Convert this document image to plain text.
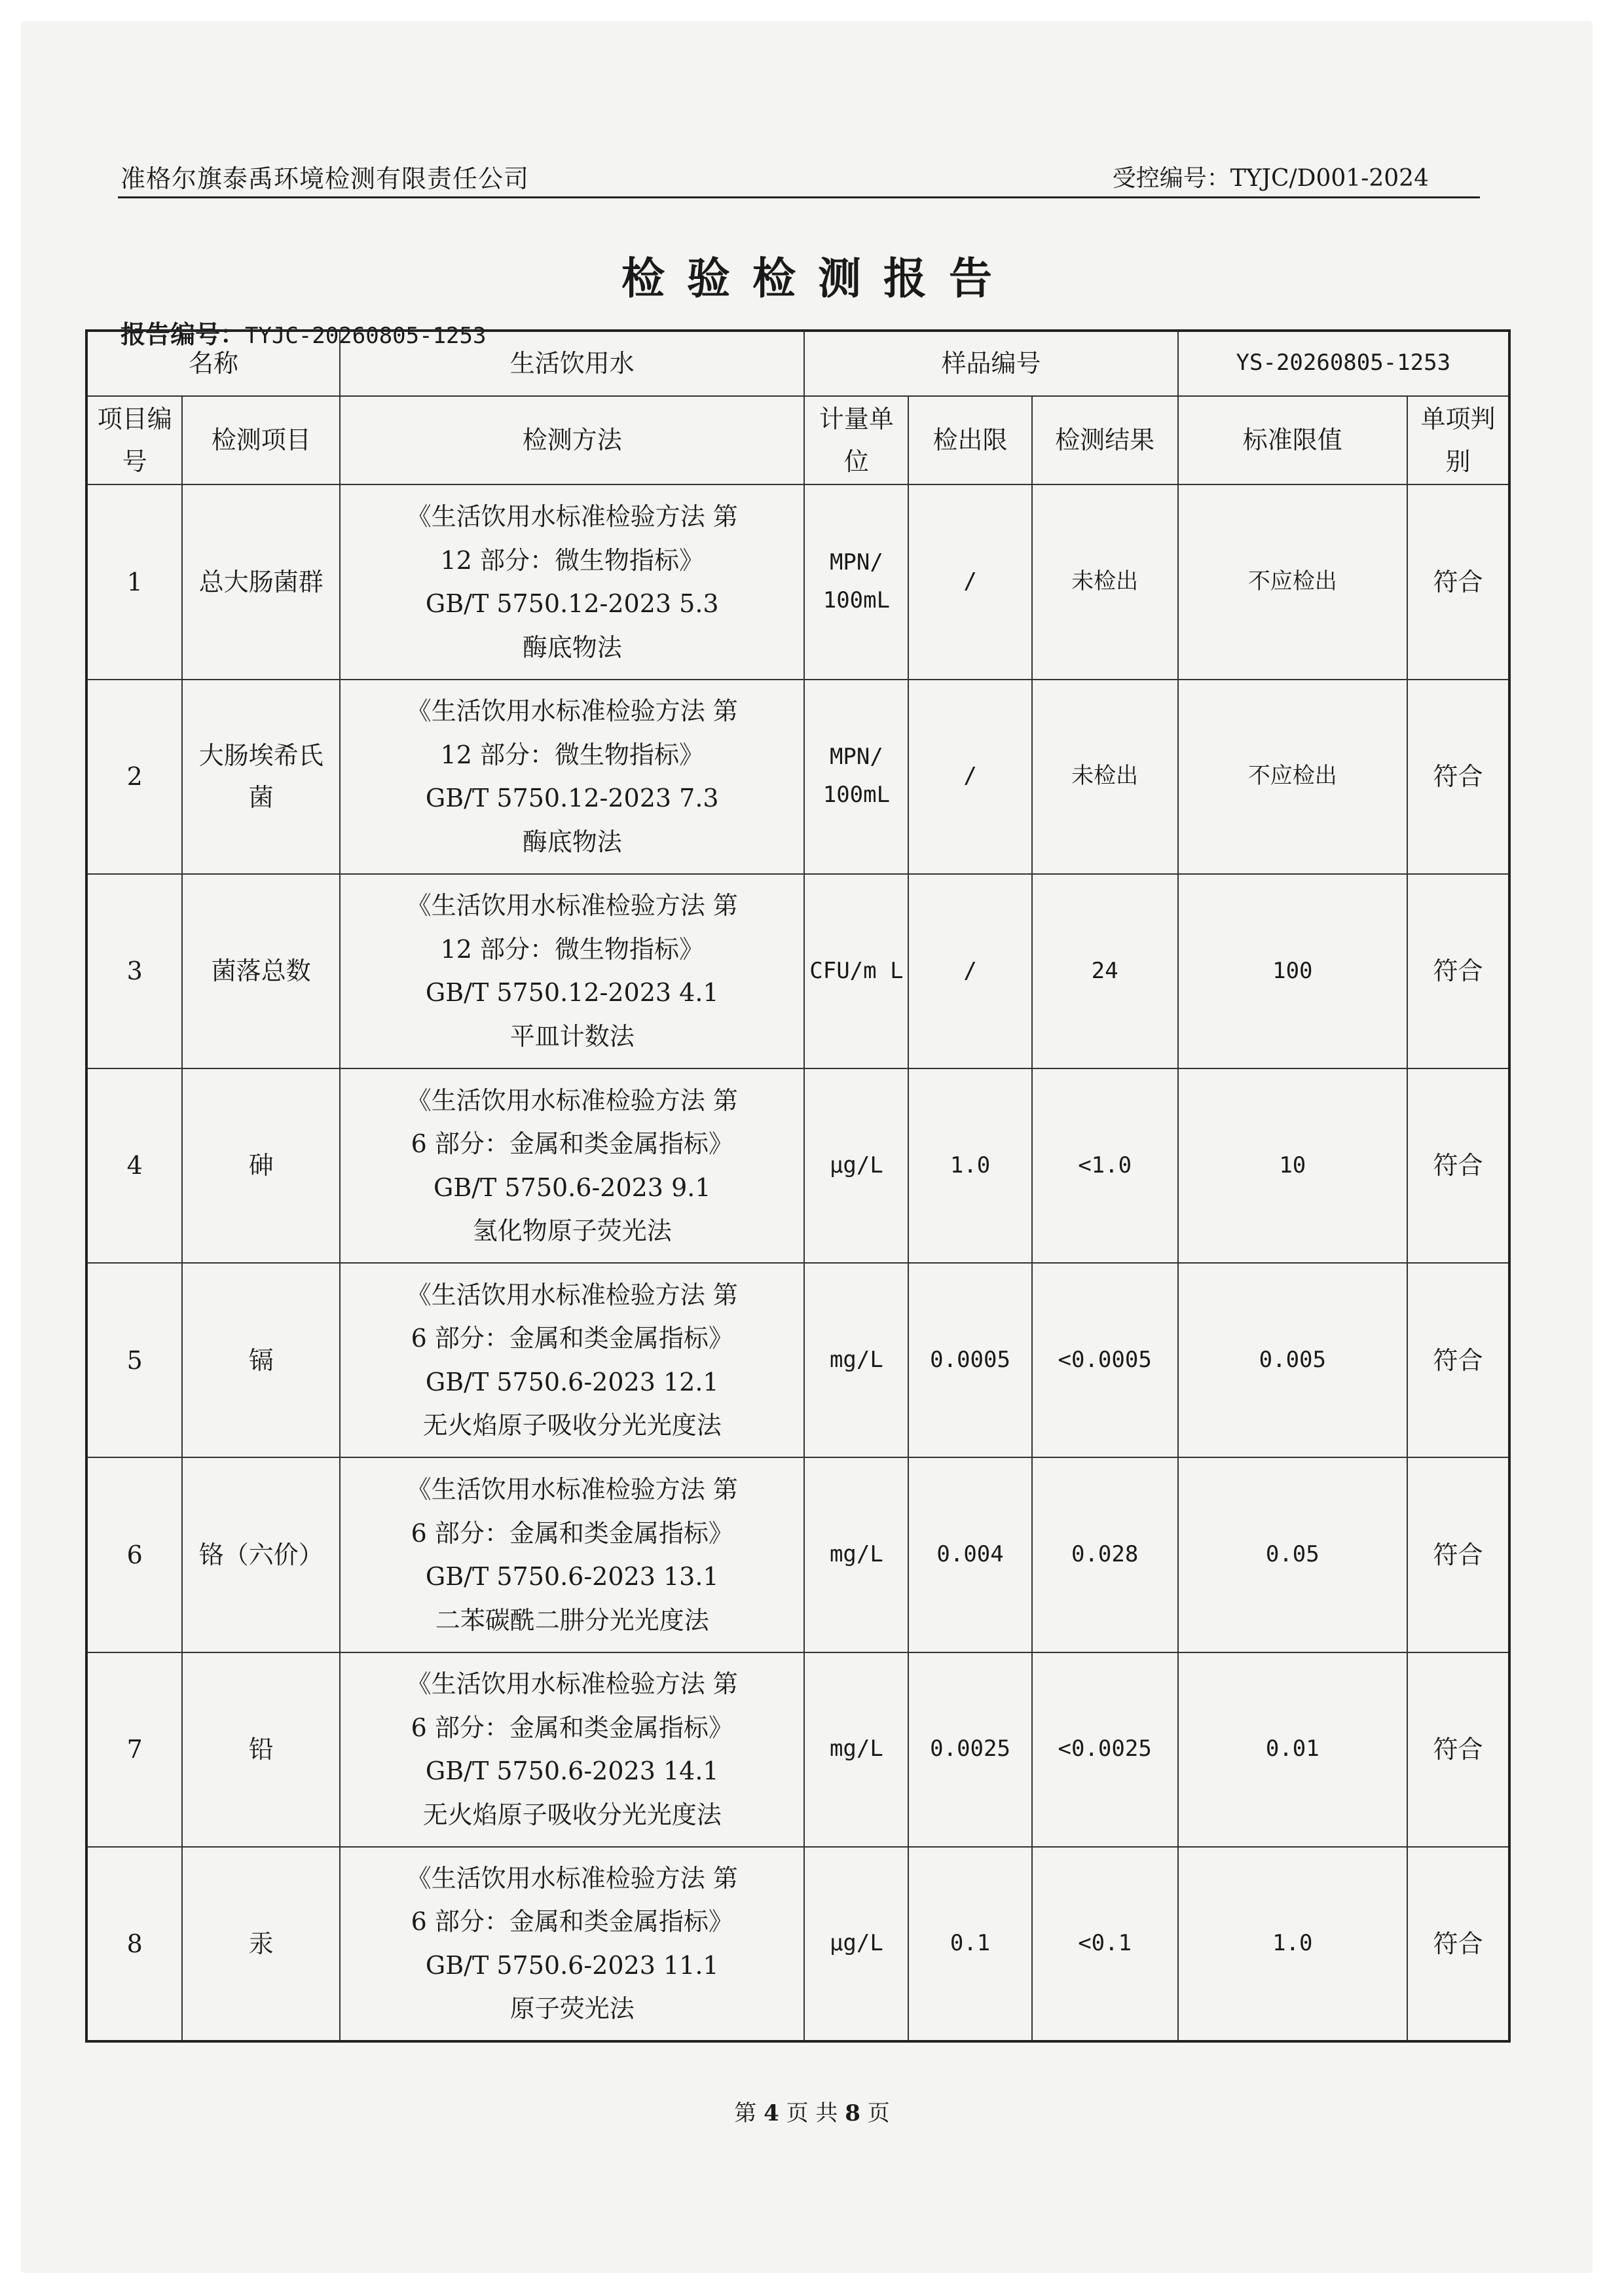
准格尔旗泰禹环境检测有限责任公司	受控编号：TYJC/D001-2024
检验检测报告
报告编号：TYJC-20260805-1253
名称		生活饮用水	样品编号			YS-20260805-1253	
项目编号	检测项目	检测方法	计量单位	检出限	检测结果	标准限值	单项判别
1	总大肠菌群	《生活饮用水标准检验方法 第
12 部分：微生物指标》
GB/T 5750.12-2023 5.3
酶底物法	MPN/ 100mL	/	未检出	不应检出	符合
2	大肠埃希氏菌	《生活饮用水标准检验方法 第
12 部分：微生物指标》
GB/T 5750.12-2023 7.3
酶底物法	MPN/ 100mL	/	未检出	不应检出	符合
3	菌落总数	《生活饮用水标准检验方法 第
12 部分：微生物指标》
GB/T 5750.12-2023 4.1
平皿计数法	CFU/m L	/	24	100	符合
4	砷	《生活饮用水标准检验方法 第
6 部分：金属和类金属指标》
GB/T 5750.6-2023 9.1
氢化物原子荧光法	μg/L	1.0	<1.0	10	符合
5	镉	《生活饮用水标准检验方法 第
6 部分：金属和类金属指标》
GB/T 5750.6-2023 12.1
无火焰原子吸收分光光度法	mg/L	0.0005	<0.0005	0.005	符合
6	铬（六价）	《生活饮用水标准检验方法 第
6 部分：金属和类金属指标》
GB/T 5750.6-2023 13.1
二苯碳酰二肼分光光度法	mg/L	0.004	0.028	0.05	符合
7	铅	《生活饮用水标准检验方法 第
6 部分：金属和类金属指标》
GB/T 5750.6-2023 14.1
无火焰原子吸收分光光度法	mg/L	0.0025	<0.0025	0.01	符合
8	汞	《生活饮用水标准检验方法 第
6 部分：金属和类金属指标》
GB/T 5750.6-2023 11.1
原子荧光法	μg/L	0.1	<0.1	1.0	符合
第 4 页 共 8 页
